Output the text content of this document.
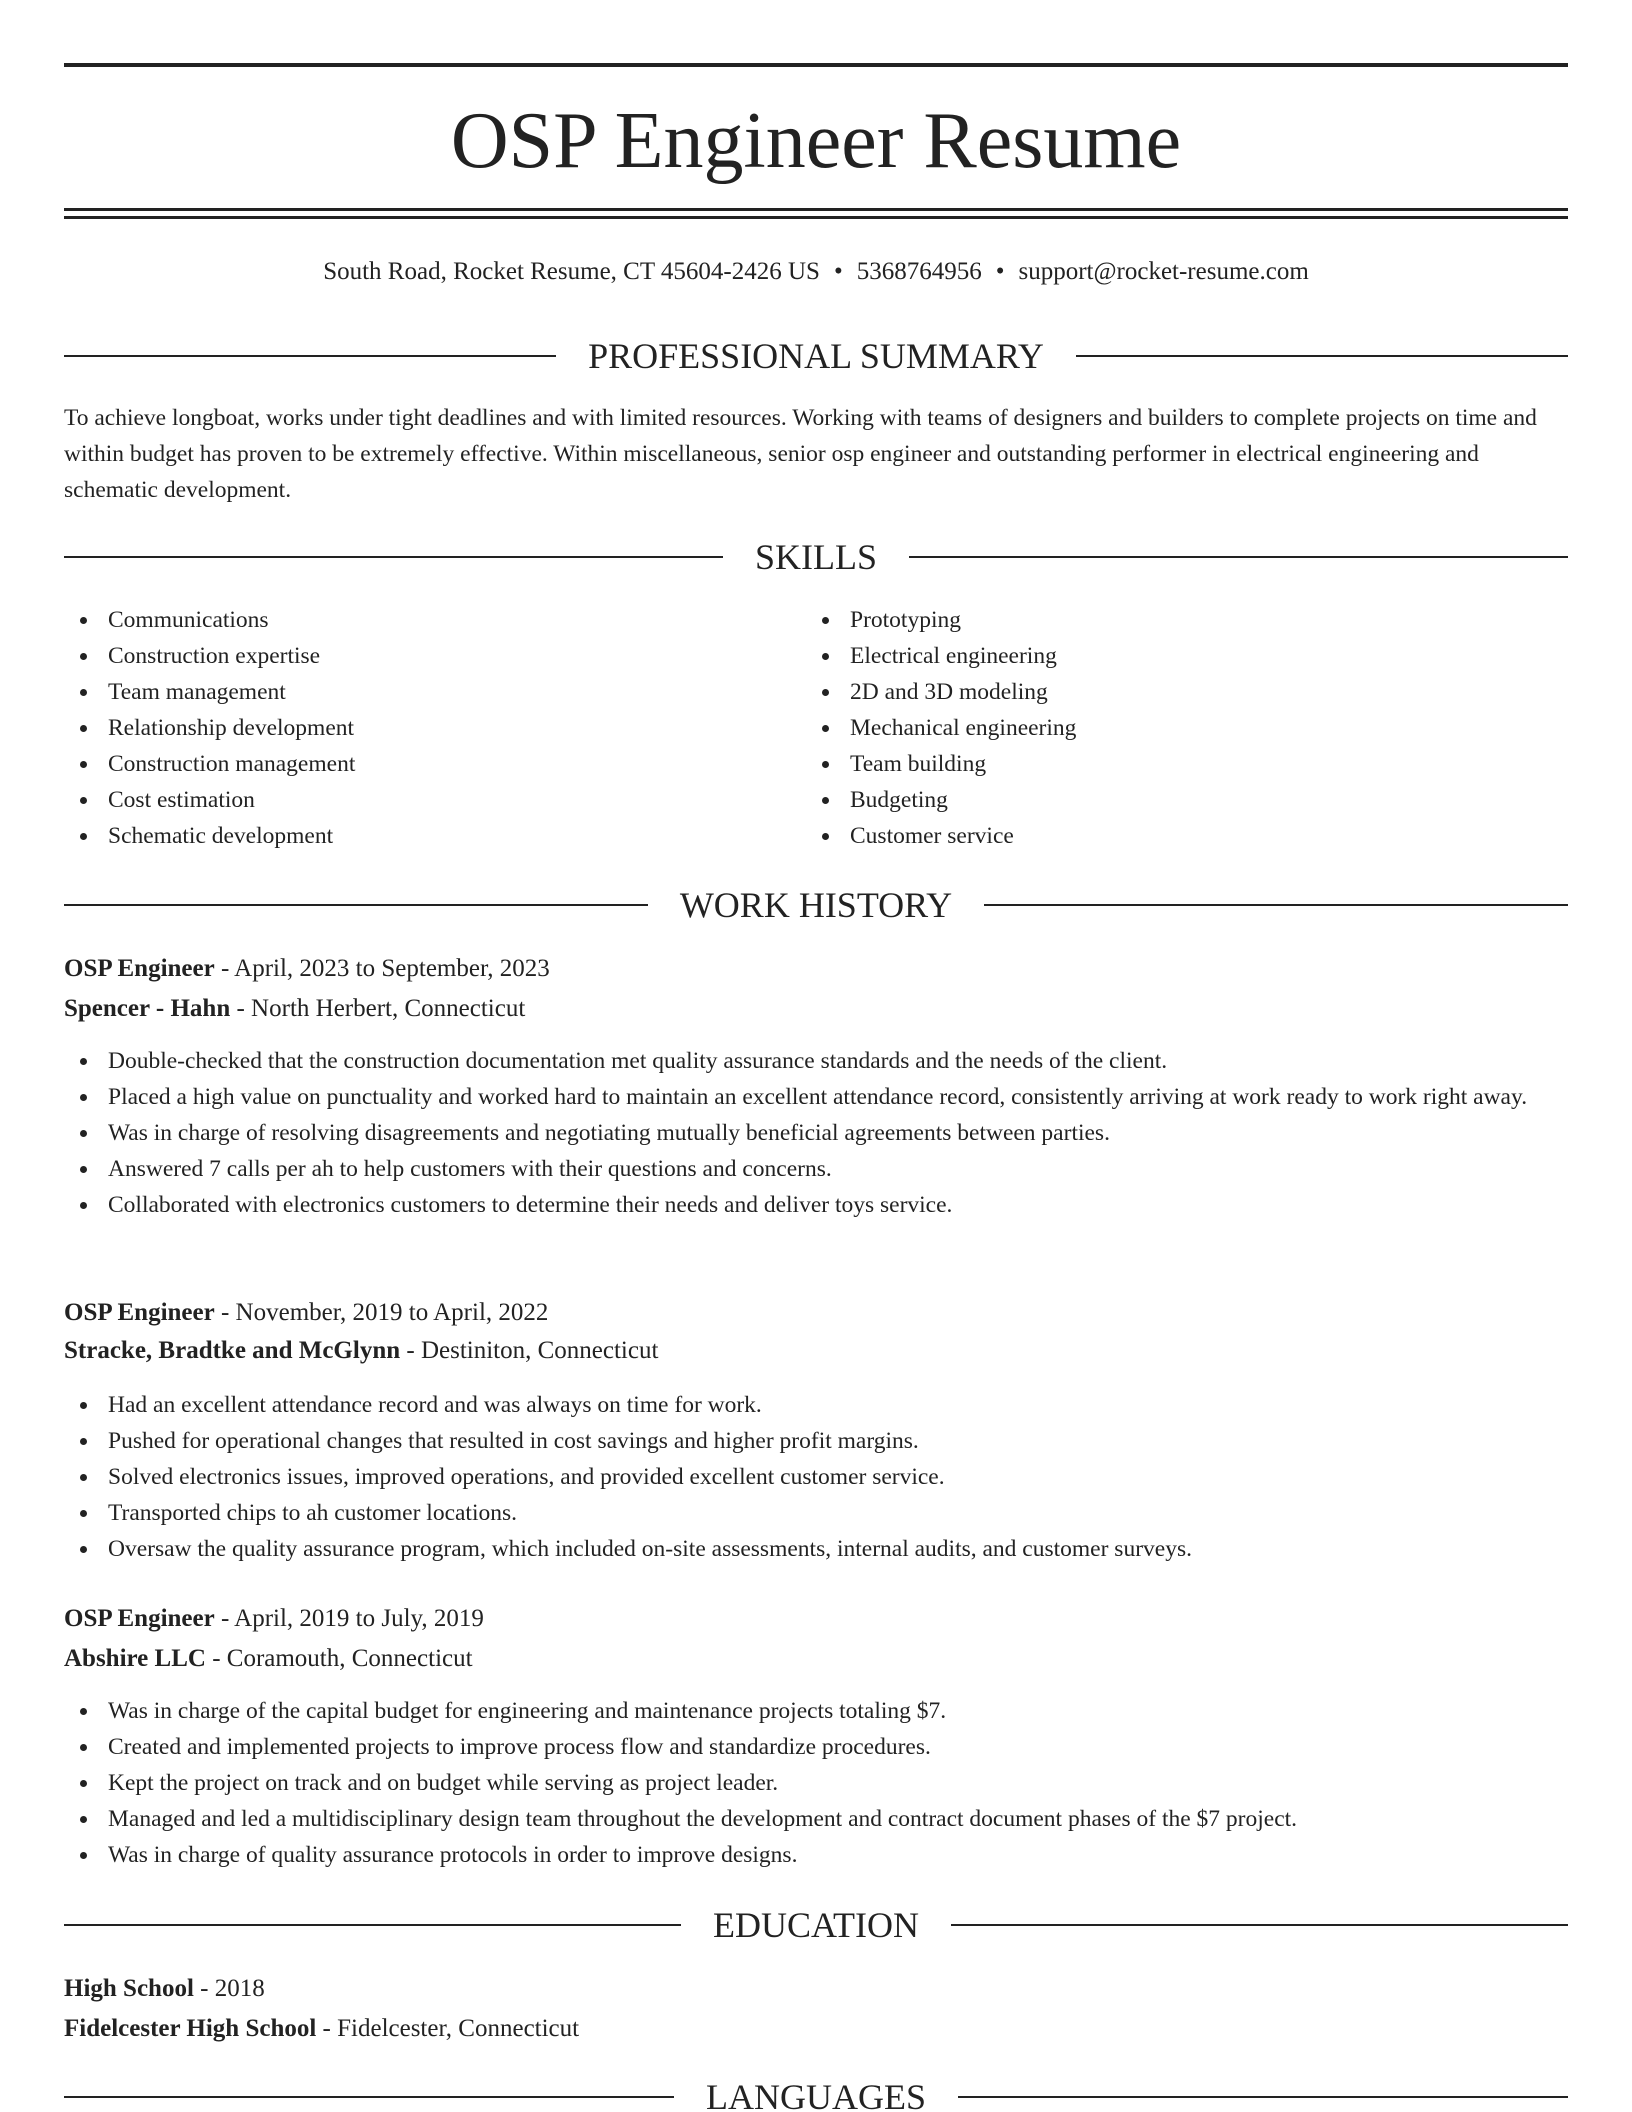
OSP Engineer Resume
South Road, Rocket Resume, CT 45604-2426 US • 5368764956 • support@rocket-resume.com
PROFESSIONAL SUMMARY

To achieve longboat, works under tight deadlines and with limited resources. Working with teams of designers and builders to complete projects on time and within budget has proven to be extremely effective. Within miscellaneous, senior osp engineer and outstanding performer in electrical engineering and schematic development.

SKILLS
Communications
Construction expertise
Team management
Relationship development
Construction management
Cost estimation
Schematic development
Prototyping
Electrical engineering
2D and 3D modeling
Mechanical engineering
Team building
Budgeting
Customer service
WORK HISTORY
OSP Engineer - April, 2023 to September, 2023
Spencer - Hahn - North Herbert, Connecticut
Double-checked that the construction documentation met quality assurance standards and the needs of the client.
Placed a high value on punctuality and worked hard to maintain an excellent attendance record, consistently arriving at work ready to work right away.
Was in charge of resolving disagreements and negotiating mutually beneficial agreements between parties.
Answered 7 calls per ah to help customers with their questions and concerns.
Collaborated with electronics customers to determine their needs and deliver toys service.
OSP Engineer - November, 2019 to April, 2022
Stracke, Bradtke and McGlynn - Destiniton, Connecticut
Had an excellent attendance record and was always on time for work.
Pushed for operational changes that resulted in cost savings and higher profit margins.
Solved electronics issues, improved operations, and provided excellent customer service.
Transported chips to ah customer locations.
Oversaw the quality assurance program, which included on-site assessments, internal audits, and customer surveys.
OSP Engineer - April, 2019 to July, 2019
Abshire LLC - Coramouth, Connecticut
Was in charge of the capital budget for engineering and maintenance projects totaling $7.
Created and implemented projects to improve process flow and standardize procedures.
Kept the project on track and on budget while serving as project leader.
Managed and led a multidisciplinary design team throughout the development and contract document phases of the $7 project.
Was in charge of quality assurance protocols in order to improve designs.
EDUCATION
High School - 2018
Fidelcester High School - Fidelcester, Connecticut
LANGUAGES
